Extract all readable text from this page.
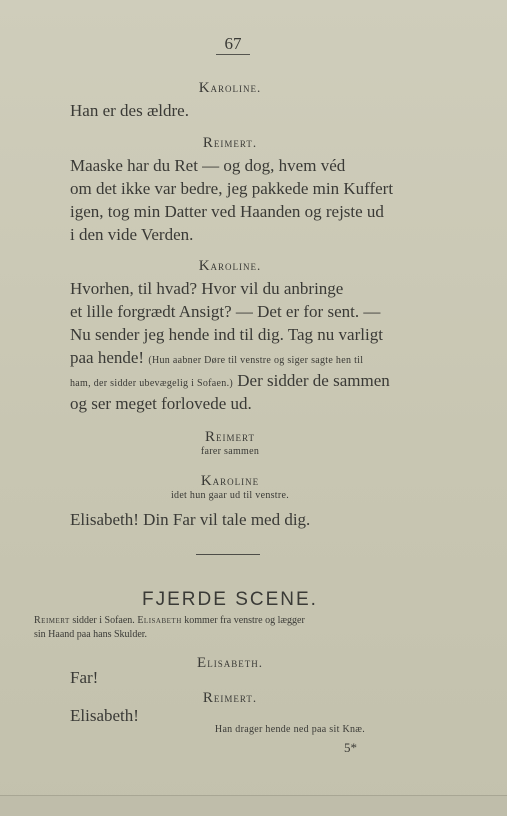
67
Karoline.
Han er des ældre.
Reimert.
Maaske har du Ret — og dog, hvem véd
om det ikke var bedre, jeg pakkede min Kuffert
igen, tog min Datter ved Haanden og rejste ud
i den vide Verden.
Karoline.
Hvorhen, til hvad? Hvor vil du anbringe
et lille forgrædt Ansigt? — Det er for sent. —
Nu sender jeg hende ind til dig. Tag nu varligt
paa hende! (Hun aabner Døre til venstre og siger sagte hen til
ham, der sidder ubevægelig i Sofaen.) Der sidder de sammen
og ser meget forlovede ud.
Reimert
farer sammen
Karoline
idet hun gaar ud til venstre.
Elisabeth! Din Far vil tale med dig.
FJERDE SCENE.
Reimert sidder i Sofaen. Elisabeth kommer fra venstre og lægger
sin Haand paa hans Skulder.
Elisabeth.
Far!
Reimert.
Elisabeth!
Han drager hende ned paa sit Knæ.
5*
